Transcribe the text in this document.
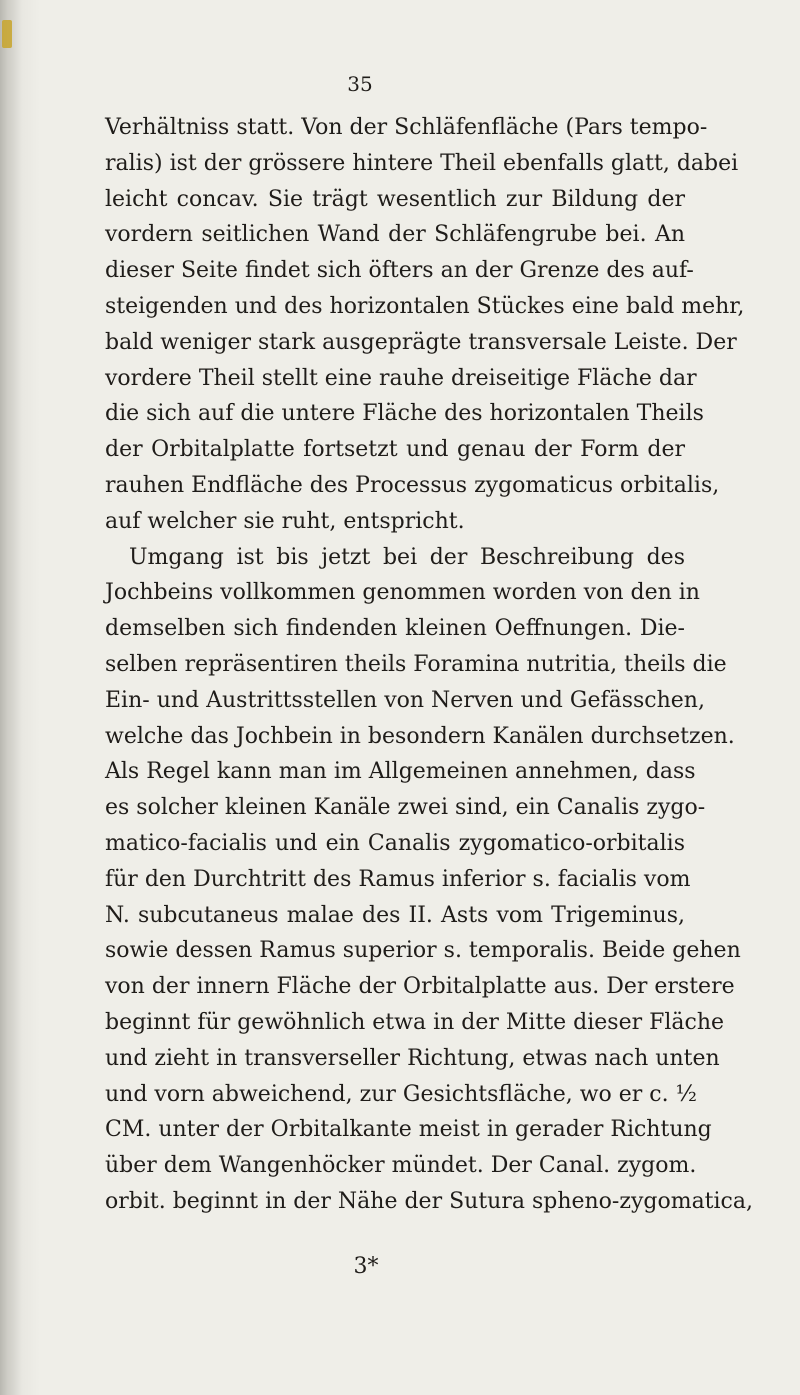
35

Verhältniss statt. Von der Schläfenfläche (Pars tempo-
ralis) ist der grössere hintere Theil ebenfalls glatt, dabei
leicht concav. Sie trägt wesentlich zur Bildung der
vordern seitlichen Wand der Schläfengrube bei. An
dieser Seite findet sich öfters an der Grenze des auf-
steigenden und des horizontalen Stückes eine bald mehr,
bald weniger stark ausgeprägte transversale Leiste. Der
vordere Theil stellt eine rauhe dreiseitige Fläche dar
die sich auf die untere Fläche des horizontalen Theils
der Orbitalplatte fortsetzt und genau der Form der
rauhen Endfläche des Processus zygomaticus orbitalis,
auf welcher sie ruht, entspricht.

Umgang ist bis jetzt bei der Beschreibung des
Jochbeins vollkommen genommen worden von den in
demselben sich findenden kleinen Oeffnungen. Die-
selben repräsentiren theils Foramina nutritia, theils die
Ein- und Austrittsstellen von Nerven und Gefässchen,
welche das Jochbein in besondern Kanälen durchsetzen.
Als Regel kann man im Allgemeinen annehmen, dass
es solcher kleinen Kanäle zwei sind, ein Canalis zygo-
matico-facialis und ein Canalis zygomatico-orbitalis
für den Durchtritt des Ramus inferior s. facialis vom
N. subcutaneus malae des II. Asts vom Trigeminus,
sowie dessen Ramus superior s. temporalis. Beide gehen
von der innern Fläche der Orbitalplatte aus. Der erstere
beginnt für gewöhnlich etwa in der Mitte dieser Fläche
und zieht in transverseller Richtung, etwas nach unten
und vorn abweichend, zur Gesichtsfläche, wo er c. ½
CM. unter der Orbitalkante meist in gerader Richtung
über dem Wangenhöcker mündet. Der Canal. zygom.
orbit. beginnt in der Nähe der Sutura spheno-zygomatica,

3*
